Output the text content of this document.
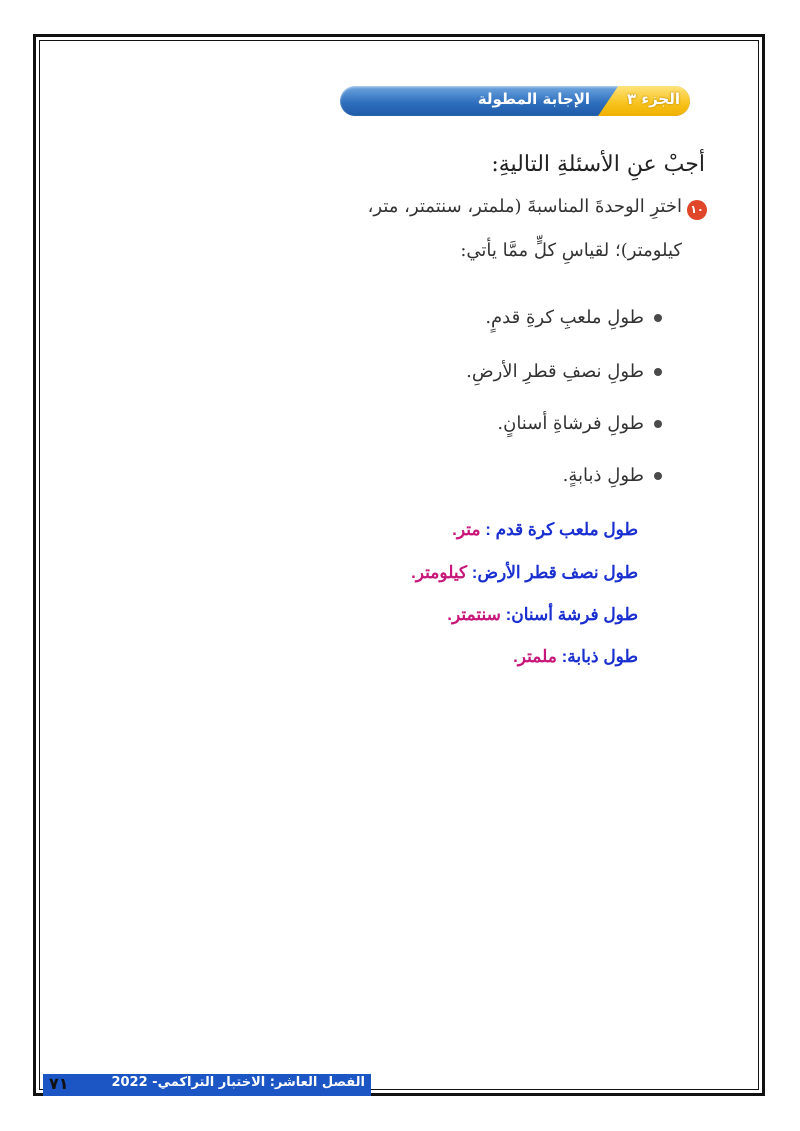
الجزء ٣
الإجابة المطولة
أجبْ عنِ الأسئلةِ التاليةِ:
١٠
اخترِ الوحدةَ المناسبةَ (ملمتر، سنتمتر، متر،
كيلومتر)؛ لقياسِ كلٍّ ممَّا يأتي:
طولِ ملعبِ كرةِ قدمٍ.
طولِ نصفِ قطرِ الأرضِ.
طولِ فرشاةِ أسنانٍ.
طولِ ذبابةٍ.
طول ملعب كرة قدم : متر.
طول نصف قطر الأرض: كيلومتر.
طول فرشة أسنان: سنتمتر.
طول ذبابة: ملمتر.
٧١	الفصل العاشر: الاختبار التراكمي- 2022
